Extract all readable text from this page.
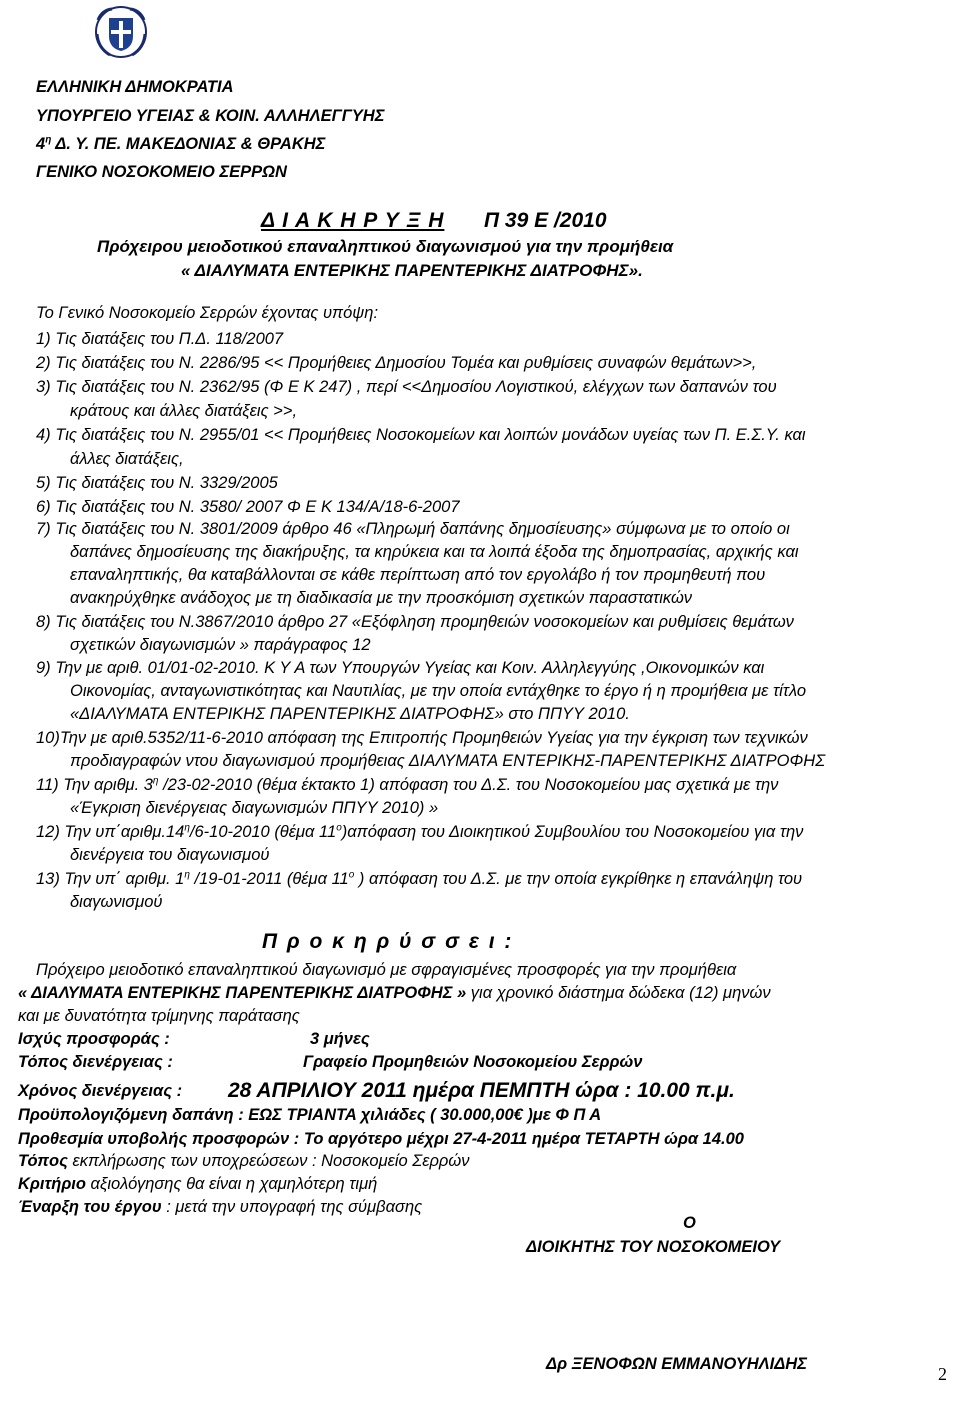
ΕΛΛΗΝΙΚΗ ΔΗΜΟΚΡΑΤΙΑ
ΥΠΟΥΡΓΕΙΟ ΥΓΕΙΑΣ & ΚΟΙΝ. ΑΛΛΗΛΕΓΓΥΗΣ
$4^\eta$ Δ. Υ. ΠΕ. ΜΑΚΕΔΟΝΙΑΣ & ΘΡΑΚΗΣ
ΓΕΝΙΚΟ ΝΟΣΟΚΟΜΕΙΟ ΣΕΡΡΩΝ
Δ Ι Α Κ Η Ρ Υ Ξ Η Π 39 Ε /2010
Πρόχειρου μειοδοτικού επαναληπτικού διαγωνισμού για την προμήθεια
« ΔΙΑΛΥΜΑΤΑ ΕΝΤΕΡΙΚΗΣ ΠΑΡΕΝΤΕΡΙΚΗΣ ΔΙΑΤΡΟΦΗΣ».
Το Γενικό Νοσοκομείο Σερρών έχοντας υπόψη:
1) Τις διατάξεις του Π.Δ. 118/2007
2) Τις διατάξεις του Ν. 2286/95 << Προμήθειες Δημοσίου Τομέα και ρυθμίσεις συναφών θεμάτων>>,
3) Τις διατάξεις του Ν. 2362/95 (Φ Ε Κ 247) , περί <<Δημοσίου Λογιστικού, ελέγχων των δαπανών του
κράτους και άλλες διατάξεις >>,
4) Τις διατάξεις του Ν. 2955/01 << Προμήθειες Νοσοκομείων και λοιπών μονάδων υγείας των Π. Ε.Σ.Υ. και
άλλες διατάξεις,
5) Τις διατάξεις του Ν. 3329/2005
6) Τις διατάξεις του Ν. 3580/ 2007 Φ Ε Κ 134/Α/18-6-2007
7) Τις διατάξεις του Ν. 3801/2009 άρθρο 46 «Πληρωμή δαπάνης δημοσίευσης» σύμφωνα με το οποίο οι
δαπάνες δημοσίευσης της διακήρυξης, τα κηρύκεια και τα λοιπά έξοδα της δημοπρασίας, αρχικής και
επαναληπτικής, θα καταβάλλονται σε κάθε περίπτωση από τον εργολάβο ή τον προμηθευτή που
ανακηρύχθηκε ανάδοχος με τη διαδικασία με την προσκόμιση σχετικών παραστατικών
8) Τις διατάξεις του Ν.3867/2010 άρθρο 27 «Εξόφληση προμηθειών νοσοκομείων και ρυθμίσεις θεμάτων
σχετικών διαγωνισμών » παράγραφος 12
9) Την με αριθ. 01/01-02-2010. Κ Υ Α των Υπουργών Υγείας και Κοιν. Αλληλεγγύης ,Οικονομικών και
Οικονομίας, ανταγωνιστικότητας και Ναυτιλίας, με την οποία εντάχθηκε το έργο ή η προμήθεια με τίτλο
«ΔΙΑΛΥΜΑΤΑ ΕΝΤΕΡΙΚΗΣ ΠΑΡΕΝΤΕΡΙΚΗΣ ΔΙΑΤΡΟΦΗΣ» στο ΠΠΥΥ 2010.
10)Την με αριθ.5352/11-6-2010 απόφαση της Επιτροπής Προμηθειών Υγείας για την έγκριση των τεχνικών
προδιαγραφών ντου διαγωνισμού προμήθειας ΔΙΑΛΥΜΑΤΑ ΕΝΤΕΡΙΚΗΣ-ΠΑΡΕΝΤΕΡΙΚΗΣ ΔΙΑΤΡΟΦΗΣ
11) Την αριθμ. $3^\eta$ /23-02-2010 (θέμα έκτακτο 1) απόφαση του Δ.Σ. του Νοσοκομείου μας σχετικά με την
«Έγκριση διενέργειας διαγωνισμών ΠΠΥΥ 2010) »
12) Την $\upsilon\pi΄\alpha\rho\iota\theta\mu.14^\eta/6-10-2010$ (θέμα $11^o)\alpha\pi ό\varphi\alpha\sigma\eta$ του Διοικητικού Συμβουλίου του Νοσοκομείου για την
διενέργεια του διαγωνισμού
13) Την υπ΄ αριθμ. $1^\eta$ /19-01-2011 (θέμα $11^o$ ) απόφαση του Δ.Σ. με την οποία εγκρίθηκε η επανάληψη του
διαγωνισμού
Π ρ ο κ η ρ ύ σ σ ε ι :
Πρόχειρο μειοδοτικό επαναληπτικού διαγωνισμό με σφραγισμένες προσφορές για την προμήθεια
« ΔΙΑΛΥΜΑΤΑ ΕΝΤΕΡΙΚΗΣ ΠΑΡΕΝΤΕΡΙΚΗΣ ΔΙΑΤΡΟΦΗΣ » για χρονικό διάστημα δώδεκα (12) μηνών
και με δυνατότητα τρίμηνης παράτασης
Ισχύς προσφοράς :	3 μήνες
Τόπος διενέργειας :	Γραφείο Προμηθειών Νοσοκομείου Σερρών
Χρόνος διενέργειας : 28 ΑΠΡΙΛΙΟΥ 2011 ημέρα ΠΕΜΠΤΗ ώρα : 10.00 π.μ.
Προϋπολογιζόμενη δαπάνη : ΕΩΣ ΤΡΙΑΝΤΑ χιλιάδες ( 30.000,00€ )με Φ Π Α
Προθεσμία υποβολής προσφορών : Το αργότερο μέχρι 27-4-2011 ημέρα ΤΕΤΑΡΤΗ ώρα 14.00
Τόπος εκπλήρωσης των υποχρεώσεων : Νοσοκομείο Σερρών
Κριτήριο αξιολόγησης θα είναι η χαμηλότερη τιμή
Έναρξη του έργου : μετά την υπογραφή της σύμβασης
Ο
ΔΙΟΙΚΗΤΗΣ ΤΟΥ ΝΟΣΟΚΟΜΕΙΟΥ
Δρ ΞΕΝΟΦΩΝ ΕΜΜΑΝΟΥΗΛΙΔΗΣ	2
